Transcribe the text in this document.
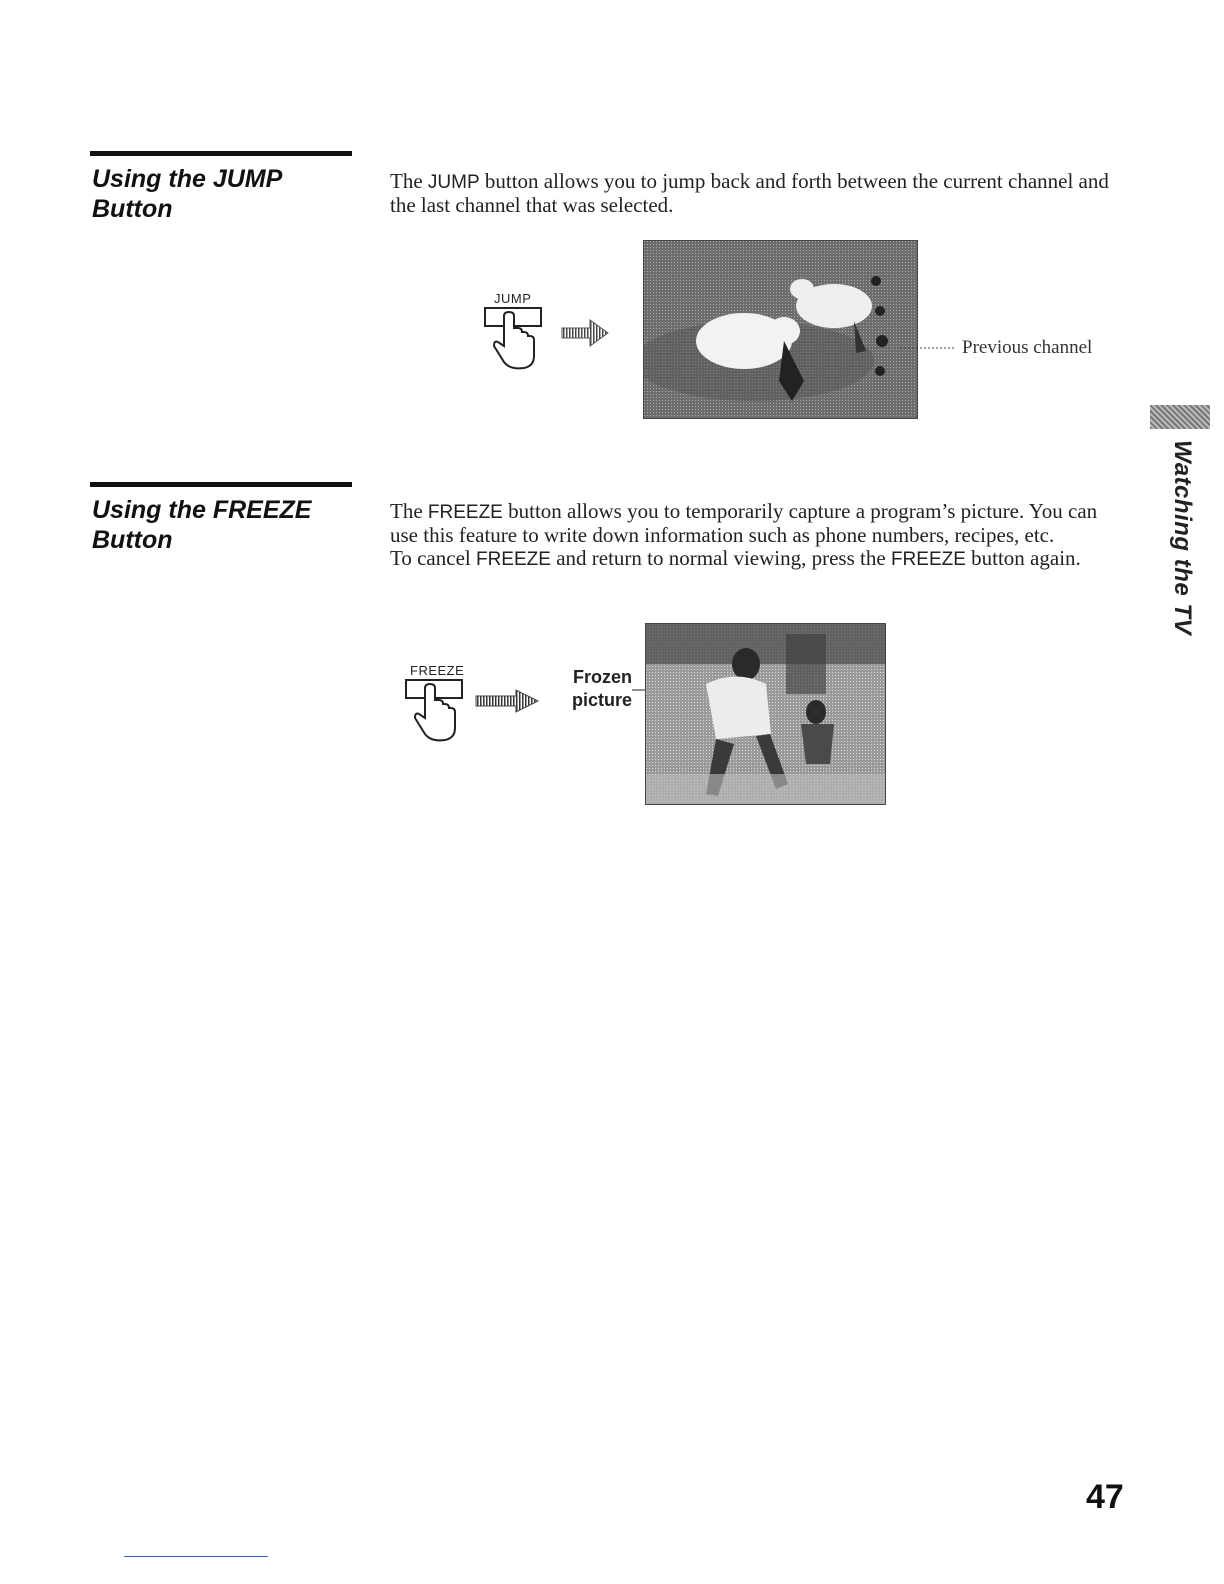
Using the JUMP
Button

The JUMP button allows you to jump back and forth between the current channel and the last channel that was selected.

JUMP
Previous channel
Using the FREEZE
Button

The FREEZE button allows you to temporarily capture a program’s picture. You can use this feature to write down information such as phone numbers, recipes, etc.

To cancel FREEZE and return to normal viewing, press the FREEZE button again.

FREEZE	Frozen
picture
Watching the TV
47
